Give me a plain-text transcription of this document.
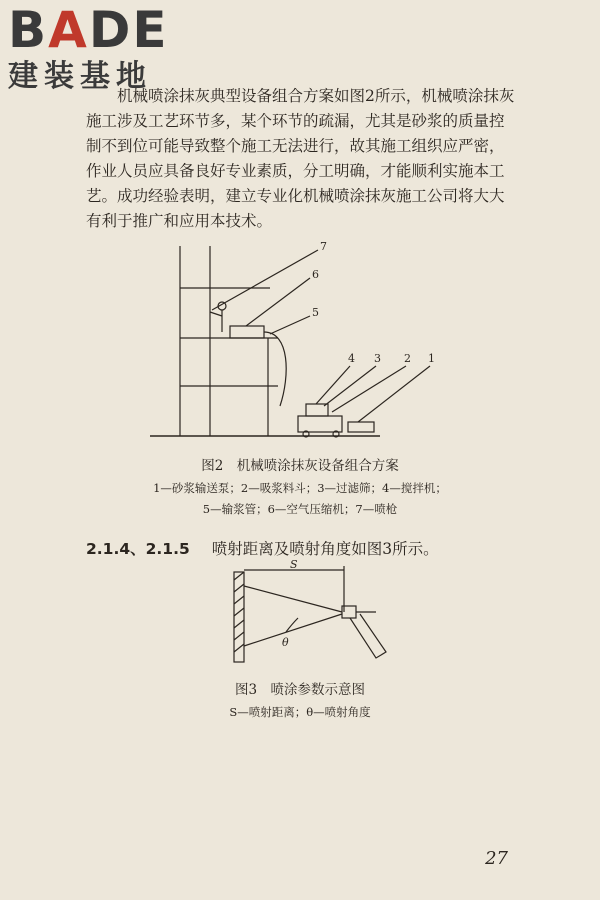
BADE
建装基地

机械喷涂抹灰典型设备组合方案如图2所示，机械喷涂抹灰施工涉及工艺环节多，某个环节的疏漏，尤其是砂浆的质量控制不到位可能导致整个施工无法进行，故其施工组织应严密，作业人员应具备良好专业素质，分工明确，才能顺利实施本工艺。成功经验表明，建立专业化机械喷涂抹灰施工公司将大大有利于推广和应用本技术。

7
6
5
4 3 2 1
图2　机械喷涂抹灰设备组合方案
1—砂浆输送泵；2—吸浆料斗；3—过滤筛；4—搅拌机；
5—输浆管；6—空气压缩机；7—喷枪
2.1.4、2.1.5 喷射距离及喷射角度如图3所示。
S
θ
图3　喷涂参数示意图
S—喷射距离；θ—喷射角度
27
